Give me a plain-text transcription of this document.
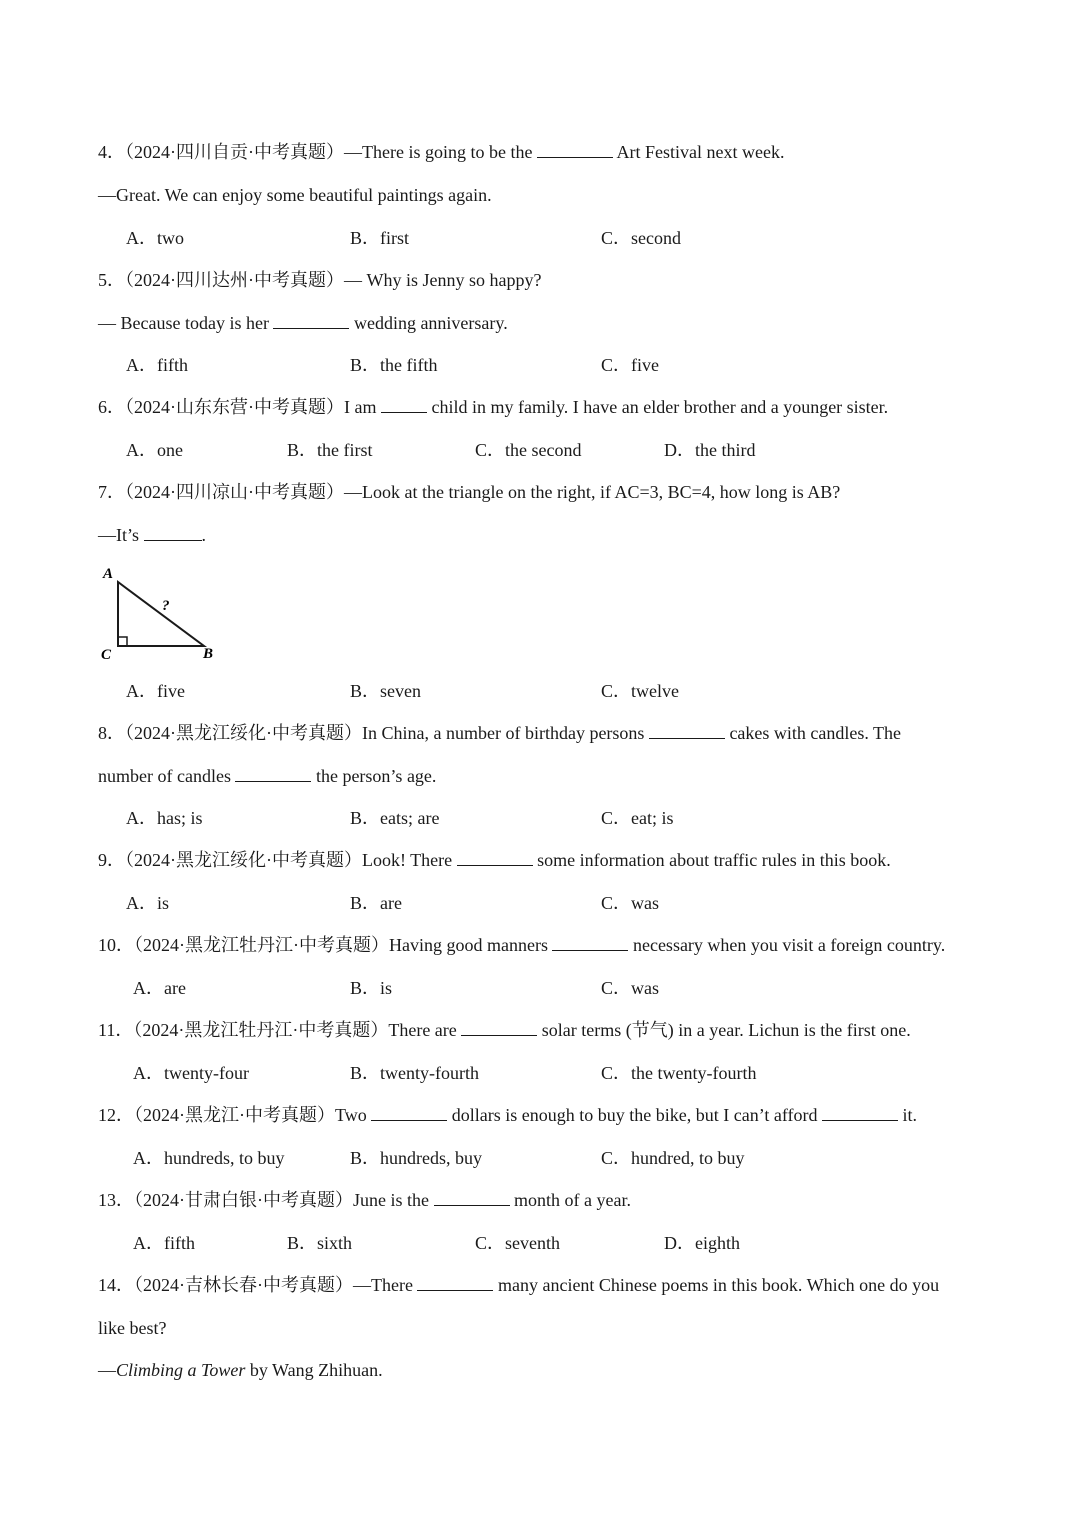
4．（2024·四川自贡·中考真题）—There is going to be the	Art Festival next week.
—Great. We can enjoy some beautiful paintings again.
A．two	B．first	C．second
5．（2024·四川达州·中考真题）— Why is Jenny so happy?
— Because today is her	wedding anniversary.
A．fifth	B．the fifth	C．five
6．（2024·山东东营·中考真题）I am	child in my family. I have an elder brother and a younger sister.
A．one	B．the first	C．the second	D．the third
7．（2024·四川凉山·中考真题）—Look at the triangle on the right, if AC=3, BC=4, how long is AB?
—It’s	.
A
C	B
?
A．five	B．seven	C．twelve
8．（2024·黑龙江绥化·中考真题）In China, a number of birthday persons	cakes with candles. The
number of candles	the person’s age.
A．has; is	B．eats; are	C．eat; is
9．（2024·黑龙江绥化·中考真题）Look! There	some information about traffic rules in this book.
A．is	B．are	C．was
10．（2024·黑龙江牡丹江·中考真题）Having good manners	necessary when you visit a foreign country.
A．are	B．is	C．was
11．（2024·黑龙江牡丹江·中考真题）There are	solar terms (节气) in a year. Lichun is the first one.
A．twenty-four	B．twenty-fourth	C．the twenty-fourth
12．（2024·黑龙江·中考真题）Two	dollars is enough to buy the bike, but I can’t afford	it.
A．hundreds, to buy	B．hundreds, buy	C．hundred, to buy
13．（2024·甘肃白银·中考真题）June is the	month of a year.
A．fifth	B．sixth	C．seventh	D．eighth
14．（2024·吉林长春·中考真题）—There	many ancient Chinese poems in this book. Which one do you
like best?
—Climbing a Tower by Wang Zhihuan.
